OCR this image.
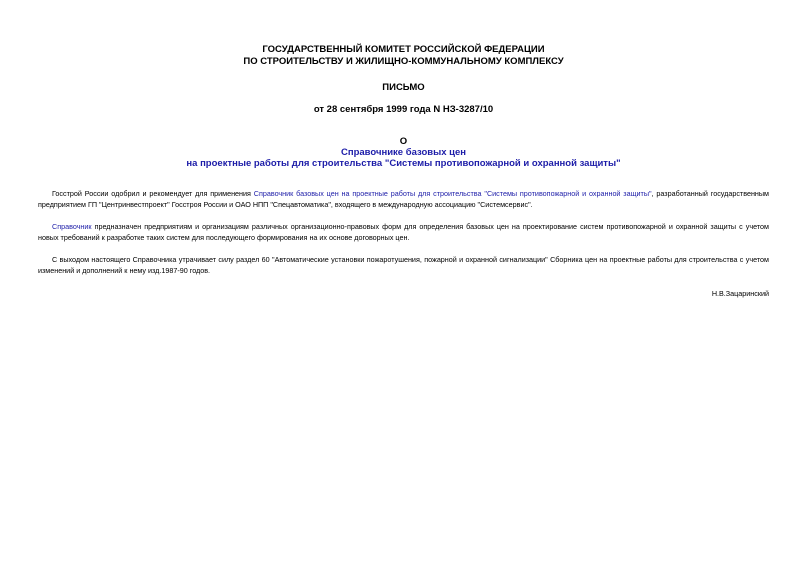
ГОСУДАРСТВЕННЫЙ КОМИТЕТ РОССИЙСКОЙ ФЕДЕРАЦИИ
ПО СТРОИТЕЛЬСТВУ И ЖИЛИЩНО-КОММУНАЛЬНОМУ КОМПЛЕКСУ
ПИСЬМО
от 28 сентября 1999 года N НЗ-3287/10
О
Справочнике базовых цен
на проектные работы для строительства "Системы противопожарной и охранной защиты"

Госстрой России одобрил и рекомендует для применения Справочник базовых цен на проектные работы для строительства "Системы противопожарной и охранной защиты", разработанный государственным предприятием ГП "Центринвестпроект" Госстроя России и ОАО НПП "Спецавтоматика", входящего в международную ассоциацию "Системсервис".

Справочник предназначен предприятиям и организациям различных организационно-правовых форм для определения базовых цен на проектирование систем противопожарной и охранной защиты с учетом новых требований к разработке таких систем для последующего формирования на их основе договорных цен.

С выходом настоящего Справочника утрачивает силу раздел 60 "Автоматические установки пожаротушения, пожарной и охранной сигнализации" Сборника цен на проектные работы для строительства с учетом изменений и дополнений к нему изд.1987-90 годов.

Н.В.Зацаринский
